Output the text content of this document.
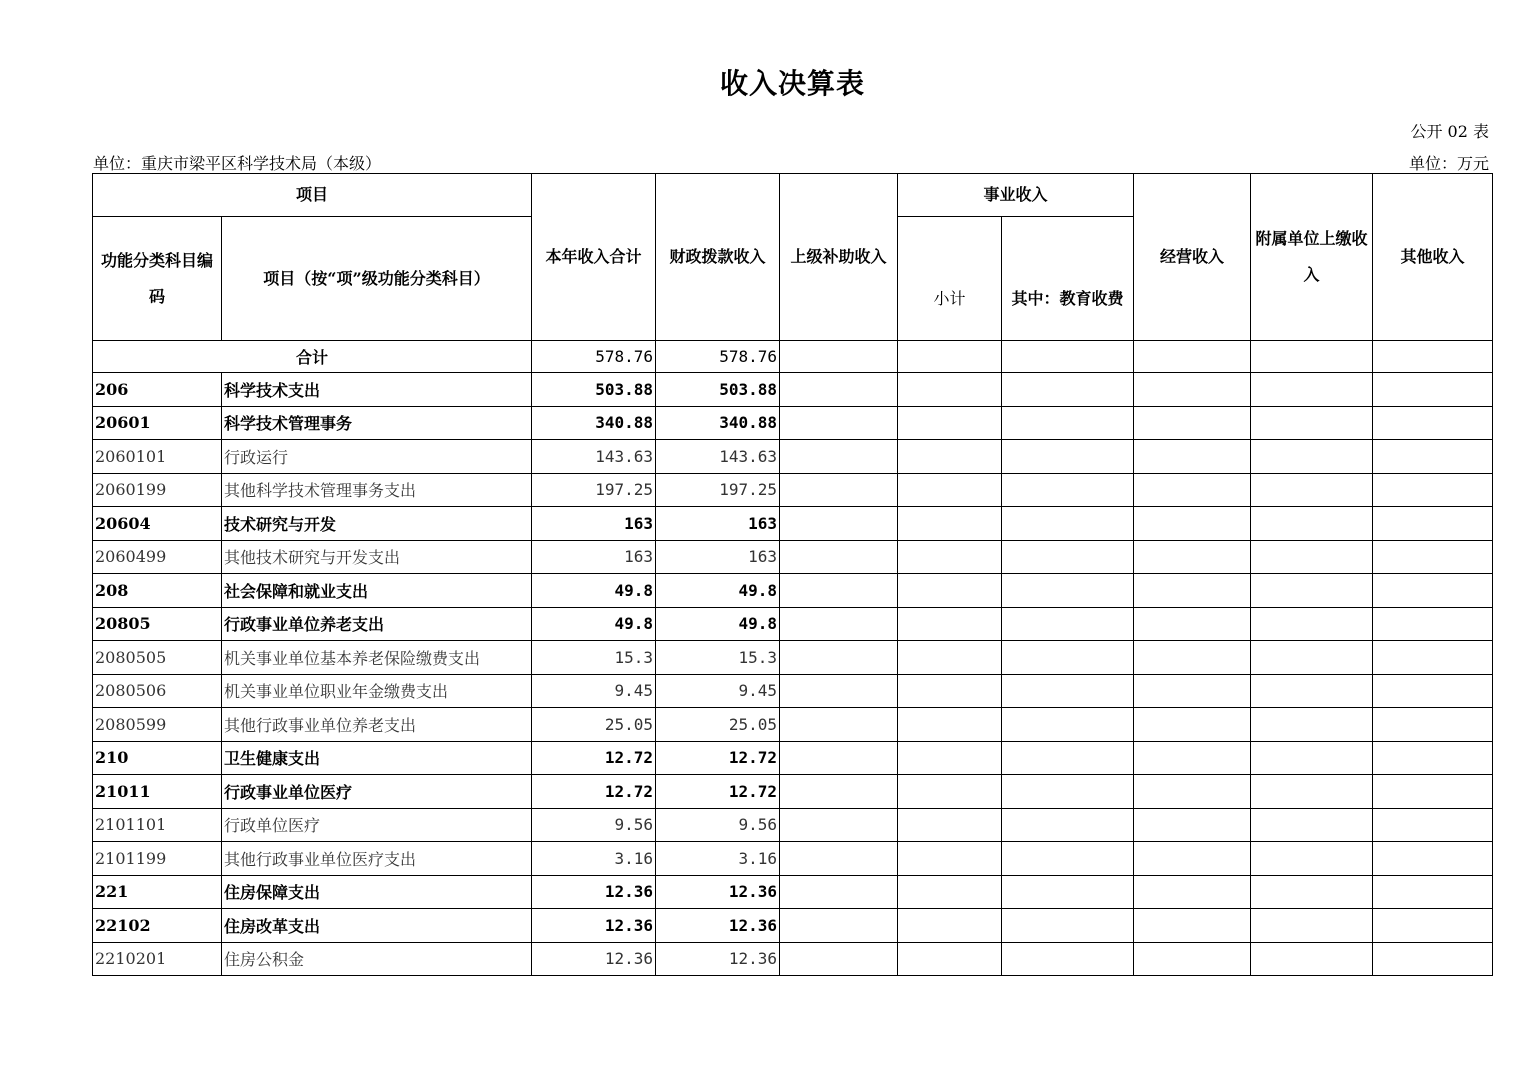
收入决算表
公开 02 表
单位：重庆市梁平区科学技术局（本级）	单位：万元
项目		本年收入合计	财政拨款收入	上级补助收入	事业收入		经营收入	附属单位上缴收入	其他收入
功能分类科目编码	项目（按“项”级功能分类科目）				小计	其中：教育收费			
合计		578.76	578.76						
206	科学技术支出	503.88	503.88						
20601	科学技术管理事务	340.88	340.88						
2060101	行政运行	143.63	143.63						
2060199	其他科学技术管理事务支出	197.25	197.25						
20604	技术研究与开发	163	163						
2060499	其他技术研究与开发支出	163	163						
208	社会保障和就业支出	49.8	49.8						
20805	行政事业单位养老支出	49.8	49.8						
2080505	机关事业单位基本养老保险缴费支出	15.3	15.3						
2080506	机关事业单位职业年金缴费支出	9.45	9.45						
2080599	其他行政事业单位养老支出	25.05	25.05						
210	卫生健康支出	12.72	12.72						
21011	行政事业单位医疗	12.72	12.72						
2101101	行政单位医疗	9.56	9.56						
2101199	其他行政事业单位医疗支出	3.16	3.16						
221	住房保障支出	12.36	12.36						
22102	住房改革支出	12.36	12.36						
2210201	住房公积金	12.36	12.36						
